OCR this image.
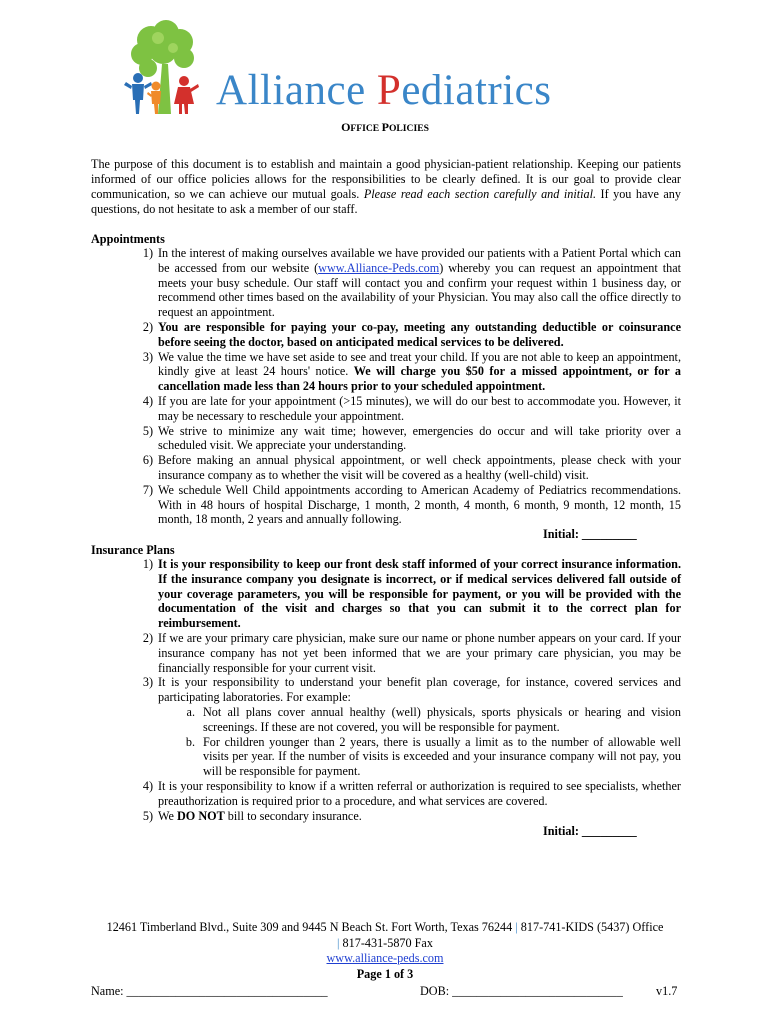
Alliance Pediatrics
OFFICE POLICIES
The purpose of this document is to establish and maintain a good physician-patient relationship. Keeping our patients informed of our office policies allows for the responsibilities to be clearly defined. It is our goal to provide clear communication, so we can achieve our mutual goals. Please read each section carefully and initial. If you have any questions, do not hesitate to ask a member of our staff.
Appointments
1) In the interest of making ourselves available we have provided our patients with a Patient Portal which can be accessed from our website (www.Alliance-Peds.com) whereby you can request an appointment that meets your busy schedule. Our staff will contact you and confirm your request within 1 business day, or recommend other times based on the availability of your Physician. You may also call the office directly to request an appointment.
2) You are responsible for paying your co-pay, meeting any outstanding deductible or coinsurance before seeing the doctor, based on anticipated medical services to be delivered.
3) We value the time we have set aside to see and treat your child. If you are not able to keep an appointment, kindly give at least 24 hours' notice. We will charge you $50 for a missed appointment, or for a cancellation made less than 24 hours prior to your scheduled appointment.
4) If you are late for your appointment (>15 minutes), we will do our best to accommodate you. However, it may be necessary to reschedule your appointment.
5) We strive to minimize any wait time; however, emergencies do occur and will take priority over a scheduled visit. We appreciate your understanding.
6) Before making an annual physical appointment, or well check appointments, please check with your insurance company as to whether the visit will be covered as a healthy (well-child) visit.
7) We schedule Well Child appointments according to American Academy of Pediatrics recommendations. With in 48 hours of hospital Discharge, 1 month, 2 month, 4 month, 6 month, 9 month, 12 month, 15 month, 18 month, 2 years and annually following.
Initial: _________
Insurance Plans
1) It is your responsibility to keep our front desk staff informed of your correct insurance information. If the insurance company you designate is incorrect, or if medical services delivered fall outside of your coverage parameters, you will be responsible for payment, or you will be provided with the documentation of the visit and charges so that you can submit it to the correct plan for reimbursement.
2) If we are your primary care physician, make sure our name or phone number appears on your card. If your insurance company has not yet been informed that we are your primary care physician, you may be financially responsible for your current visit.
3) It is your responsibility to understand your benefit plan coverage, for instance, covered services and participating laboratories. For example:
a. Not all plans cover annual healthy (well) physicals, sports physicals or hearing and vision screenings. If these are not covered, you will be responsible for payment.
b. For children younger than 2 years, there is usually a limit as to the number of allowable well visits per year. If the number of visits is exceeded and your insurance company will not pay, you will be responsible for payment.
4) It is your responsibility to know if a written referral or authorization is required to see specialists, whether preauthorization is required prior to a procedure, and what services are covered.
5) We DO NOT bill to secondary insurance.
Initial: _________
12461 Timberland Blvd., Suite 309 and 9445 N Beach St. Fort Worth, Texas 76244 | 817-741-KIDS (5437) Office
| 817-431-5870 Fax
www.alliance-peds.com
Page 1 of 3
Name: _________________________________	DOB: ____________________________	v1.7
